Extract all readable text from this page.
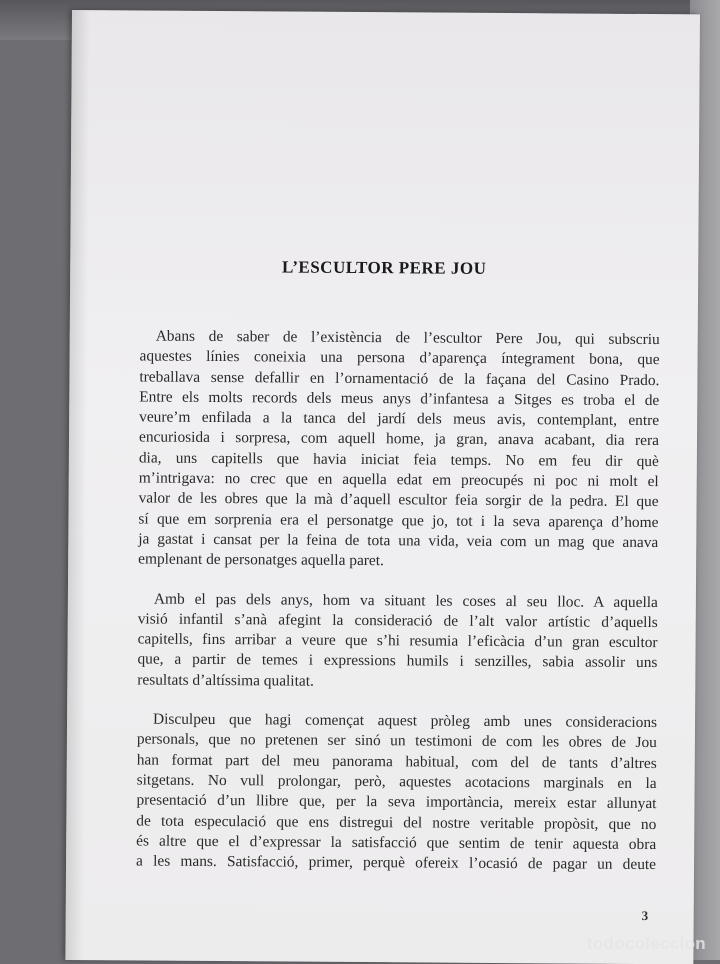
L’ESCULTOR PERE JOU

Abans de saber de l’existència de l’escultor Pere Jou, qui subscriu
aquestes línies coneixia una persona d’aparença íntegrament bona, que
treballava sense defallir en l’ornamentació de la façana del Casino Prado.
Entre els molts records dels meus anys d’infantesa a Sitges es troba el de
veure’m enfilada a la tanca del jardí dels meus avis, contemplant, entre
encuriosida i sorpresa, com aquell home, ja gran, anava acabant, dia rera
dia, uns capitells que havia iniciat feia temps. No em feu dir què
m’intrigava: no crec que en aquella edat em preocupés ni poc ni molt el
valor de les obres que la mà d’aquell escultor feia sorgir de la pedra. El que
sí que em sorprenia era el personatge que jo, tot i la seva aparença d’home
ja gastat i cansat per la feina de tota una vida, veia com un mag que anava
emplenant de personatges aquella paret.

Amb el pas dels anys, hom va situant les coses al seu lloc. A aquella
visió infantil s’anà afegint la consideració de l’alt valor artístic d’aquells
capitells, fins arribar a veure que s’hi resumia l’eficàcia d’un gran escultor
que, a partir de temes i expressions humils i senzilles, sabia assolir uns
resultats d’altíssima qualitat.

Disculpeu que hagi començat aquest pròleg amb unes consideracions
personals, que no pretenen ser sinó un testimoni de com les obres de Jou
han format part del meu panorama habitual, com del de tants d’altres
sitgetans. No vull prolongar, però, aquestes acotacions marginals en la
presentació d’un llibre que, per la seva importància, mereix estar allunyat
de tota especulació que ens distregui del nostre veritable propòsit, que no
és altre que el d’expressar la satisfacció que sentim de tenir aquesta obra
a les mans. Satisfacció, primer, perquè ofereix l’ocasió de pagar un deute

3
todocoleccion
